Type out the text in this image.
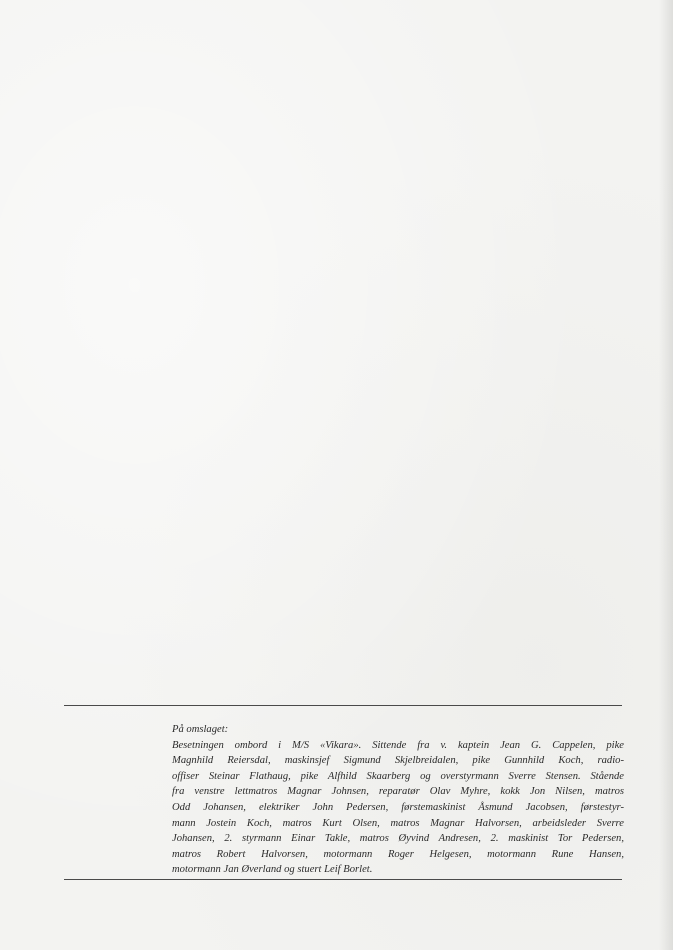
På omslaget:
Besetningen ombord i M/S «Vikara». Sittende fra v. kaptein Jean G. Cappelen, pike
Magnhild Reiersdal, maskinsjef Sigmund Skjelbreidalen, pike Gunnhild Koch, radio-
offiser Steinar Flathaug, pike Alfhild Skaarberg og overstyrmann Sverre Stensen. Stående
fra venstre lettmatros Magnar Johnsen, reparatør Olav Myhre, kokk Jon Nilsen, matros
Odd Johansen, elektriker John Pedersen, førstemaskinist Åsmund Jacobsen, førstestyr-
mann Jostein Koch, matros Kurt Olsen, matros Magnar Halvorsen, arbeidsleder Sverre
Johansen, 2. styrmann Einar Takle, matros Øyvind Andresen, 2. maskinist Tor Pedersen,
matros Robert Halvorsen, motormann Roger Helgesen, motormann Rune Hansen,
motormann Jan Øverland og stuert Leif Borlet.
